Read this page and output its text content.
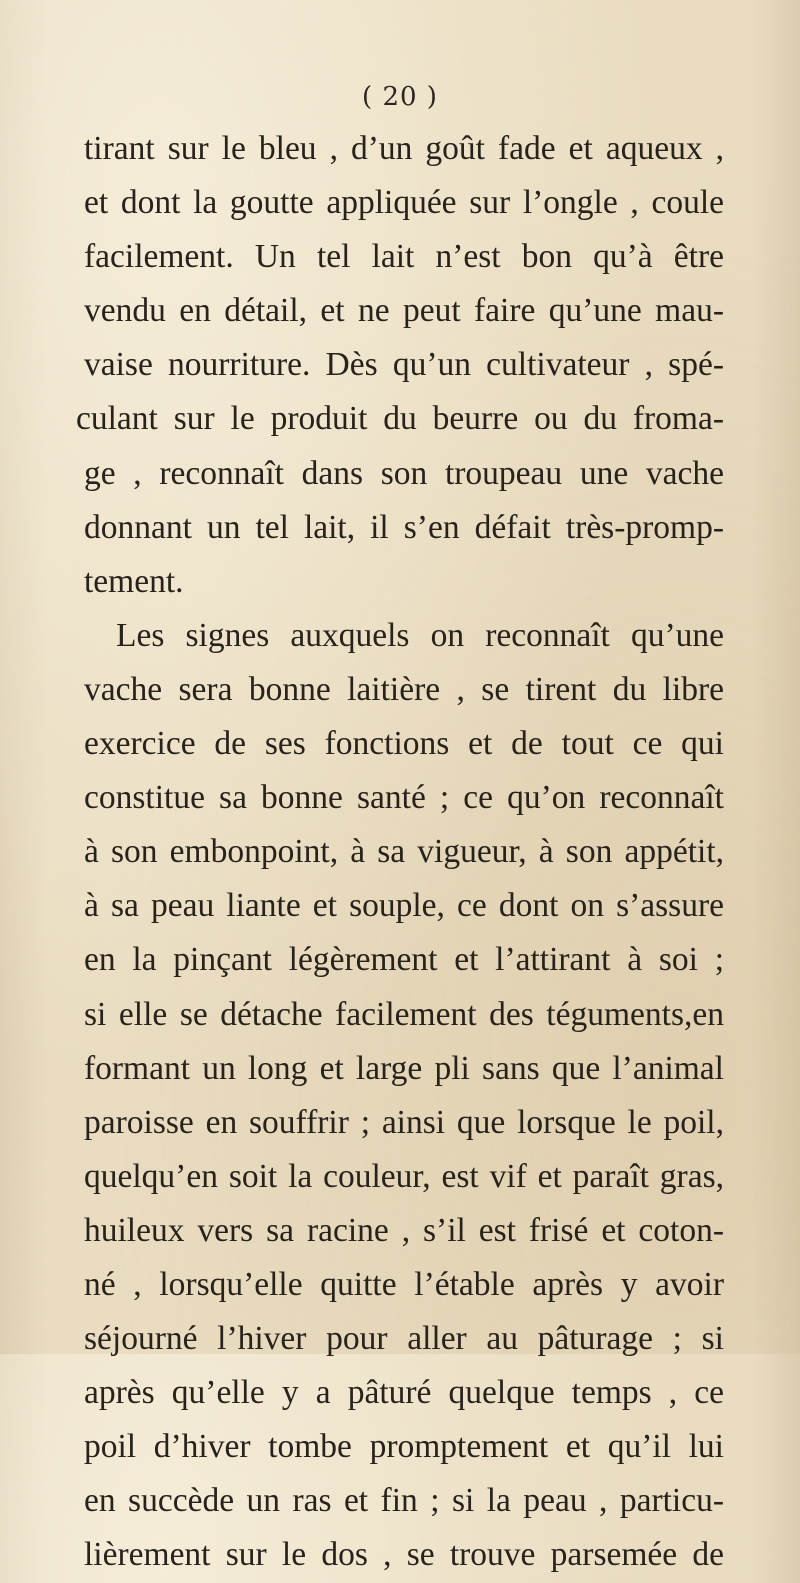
( 20 )
tirant sur le bleu , d’un goût fade et aqueux ,
et dont la goutte appliquée sur l’ongle , coule
facilement. Un tel lait n’est bon qu’à être
vendu en détail, et ne peut faire qu’une mau-
vaise nourriture. Dès qu’un cultivateur , spé-
culant sur le produit du beurre ou du froma-
ge , reconnaît dans son troupeau une vache
donnant un tel lait, il s’en défait très-promp-
tement.
Les signes auxquels on reconnaît qu’une
vache sera bonne laitière , se tirent du libre
exercice de ses fonctions et de tout ce qui
constitue sa bonne santé ; ce qu’on reconnaît
à son embonpoint, à sa vigueur, à son appétit,
à sa peau liante et souple, ce dont on s’assure
en la pinçant légèrement et l’attirant à soi ;
si elle se détache facilement des téguments,en
formant un long et large pli sans que l’animal
paroisse en souffrir ; ainsi que lorsque le poil,
quelqu’en soit la couleur, est vif et paraît gras,
huileux vers sa racine , s’il est frisé et coton-
né , lorsqu’elle quitte l’étable après y avoir
séjourné l’hiver pour aller au pâturage ; si
après qu’elle y a pâturé quelque temps , ce
poil d’hiver tombe promptement et qu’il lui
en succède un ras et fin ; si la peau , particu-
lièrement sur le dos , se trouve parsemée de
